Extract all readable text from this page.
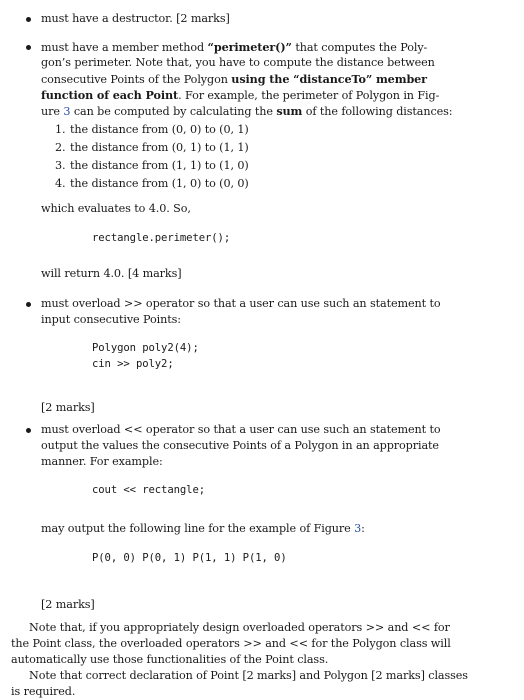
must have a destructor. [2 marks]
must have a member method “perimeter()” that computes the Poly-
gon’s perimeter. Note that, you have to compute the distance between
consecutive Points of the Polygon using the “distanceTo” member
function of each Point. For example, the perimeter of Polygon in Fig-
ure 3 can be computed by calculating the sum of the following distances:
1. the distance from (0, 0) to (0, 1)
2. the distance from (0, 1) to (1, 1)
3. the distance from (1, 1) to (1, 0)
4. the distance from (1, 0) to (0, 0)
which evaluates to 4.0. So,
rectangle.perimeter();
will return 4.0. [4 marks]
must overload >> operator so that a user can use such an statement to
input consecutive Points:
Polygon poly2(4);
cin >> poly2;
[2 marks]
must overload << operator so that a user can use such an statement to
output the values the consecutive Points of a Polygon in an appropriate
manner. For example:
cout << rectangle;
may output the following line for the example of Figure 3:
P(0, 0) P(0, 1) P(1, 1) P(1, 0)
[2 marks]
Note that, if you appropriately design overloaded operators >> and << for
the Point class, the overloaded operators >> and << for the Polygon class will
automatically use those functionalities of the Point class.
Note that correct declaration of Point [2 marks] and Polygon [2 marks] classes
is required.
